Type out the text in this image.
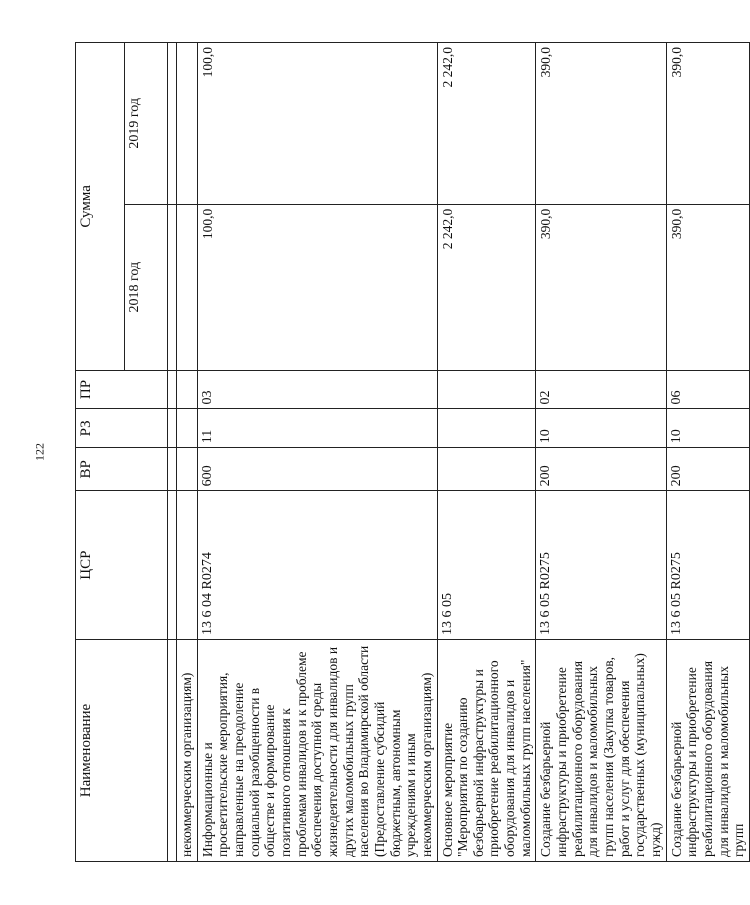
122
Наименование	ЦСР	ВР	РЗ	ПР	Сумма	
					2018 год	2019 год

некоммерческим организациям)						
Информационные и просветительские мероприятия, направленные на преодоление социальной разобщенности в обществе и формирование позитивного отношения к проблемам инвалидов и к проблеме обеспечения доступной среды жизнедеятельности для инвалидов и других маломобильных групп населения во Владимирской области (Предоставление субсидий бюджетным, автономным учреждениям и иным некоммерческим организациям)	13 6 04 R0274	600	11	03	100,0	100,0
Основное мероприятие "Мероприятия по созданию безбарьерной инфраструктуры и приобретение реабилитационного оборудования для инвалидов и маломобильных групп населения"	13 6 05				2 242,0	2 242,0
Создание безбарьерной инфраструктуры и приобретение реабилитационного оборудования для инвалидов и маломобильных групп населения (Закупка товаров, работ и услуг для обеспечения государственных (муниципальных) нужд)	13 6 05 R0275	200	10	02	390,0	390,0
Создание безбарьерной инфраструктуры и приобретение реабилитационного оборудования для инвалидов и маломобильных групп	13 6 05 R0275	200	10	06	390,0	390,0
